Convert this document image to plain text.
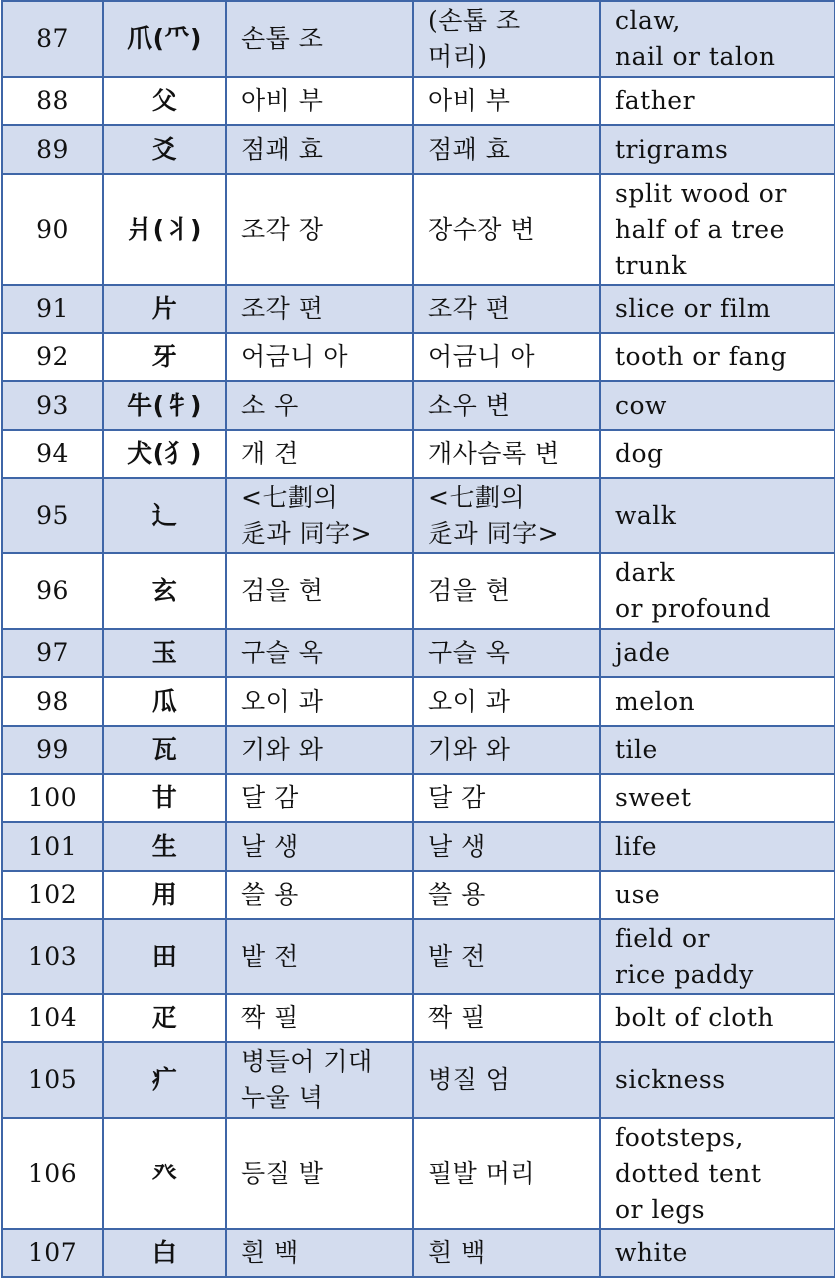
87	爪(⺥)	손톱 조	(손톱 조
머리)	claw,
nail or talon

88	父	아비 부	아비 부	father

89	爻	점괘 효	점괘 효	trigrams

90	爿(丬)	조각 장	장수장 변	split wood or
half of a tree
trunk

91	片	조각 편	조각 편	slice or film

92	牙	어금니 아	어금니 아	tooth or fang

93	牛(牜)	소 우	소우 변	cow

94	犬(犭)	개 견	개사슴록 변	dog

95	辶	<七劃의
辵과 同字>	<七劃의
辵과 同字>	walk

96	玄	검을 현	검을 현	dark
or profound

97	玉	구슬 옥	구슬 옥	jade

98	瓜	오이 과	오이 과	melon

99	瓦	기와 와	기와 와	tile

100	甘	달 감	달 감	sweet

101	生	날 생	날 생	life

102	用	쓸 용	쓸 용	use

103	田	밭 전	밭 전	field or
rice paddy

104	疋	짝 필	짝 필	bolt of cloth

105	疒	병들어 기대
누울 녁	병질 엄	sickness

106	癶	등질 발	필발 머리	footsteps,
dotted tent
or legs

107	白	흰 백	흰 백	white
